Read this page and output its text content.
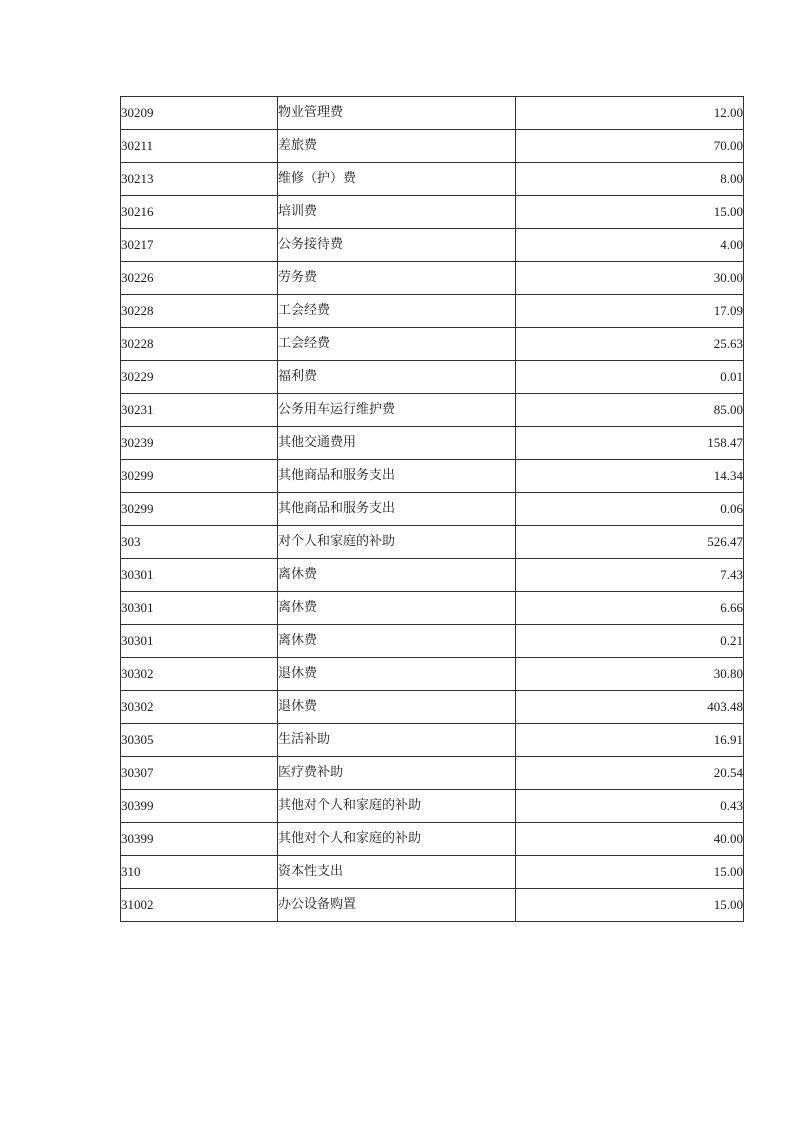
30209	物业管理费	12.00
30211	差旅费	70.00
30213	维修（护）费	8.00
30216	培训费	15.00
30217	公务接待费	4.00
30226	劳务费	30.00
30228	工会经费	17.09
30228	工会经费	25.63
30229	福利费	0.01
30231	公务用车运行维护费	85.00
30239	其他交通费用	158.47
30299	其他商品和服务支出	14.34
30299	其他商品和服务支出	0.06
303	对个人和家庭的补助	526.47
30301	离休费	7.43
30301	离休费	6.66
30301	离休费	0.21
30302	退休费	30.80
30302	退休费	403.48
30305	生活补助	16.91
30307	医疗费补助	20.54
30399	其他对个人和家庭的补助	0.43
30399	其他对个人和家庭的补助	40.00
310	资本性支出	15.00
31002	办公设备购置	15.00
